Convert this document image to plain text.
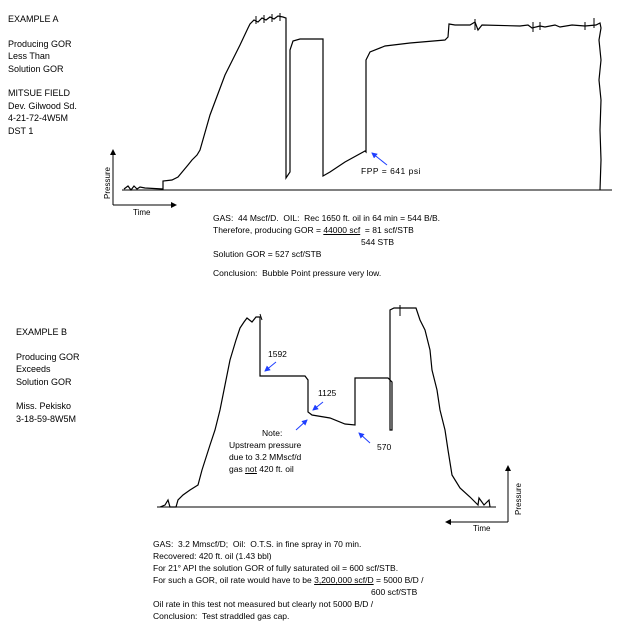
EXAMPLE A
Producing GOR
Less Than
Solution GOR
MITSUE FIELD
Dev. Gilwood Sd.
4-21-72-4W5M
DST 1
Pressure
Time
FPP = 641 psi
GAS:  44 Mscf/D.  OIL:  Rec 1650 ft. oil in 64 min = 544 B/B.
Therefore, producing GOR = 44000 scf  = 81 scf/STB
544 STB
Solution GOR = 527 scf/STB
Conclusion:  Bubble Point pressure very low.
EXAMPLE B
Producing GOR
Exceeds
Solution GOR
Miss. Pekisko
3-18-59-8W5M
Pressure
Time
1592
1125
570
Note:
Upstream pressure
due to 3.2 MMscf/d
gas not 420 ft. oil
GAS:  3.2 Mmscf/D;  Oil:  O.T.S. in fine spray in 70 min.
Recovered: 420 ft. oil (1.43 bbl)
For 21° API the solution GOR of fully saturated oil = 600 scf/STB.
For such a GOR, oil rate would have to be 3,200,000 scf/D = 5000 B/D /
600 scf/STB
Oil rate in this test not measured but clearly not 5000 B/D /
Conclusion:  Test straddled gas cap.
